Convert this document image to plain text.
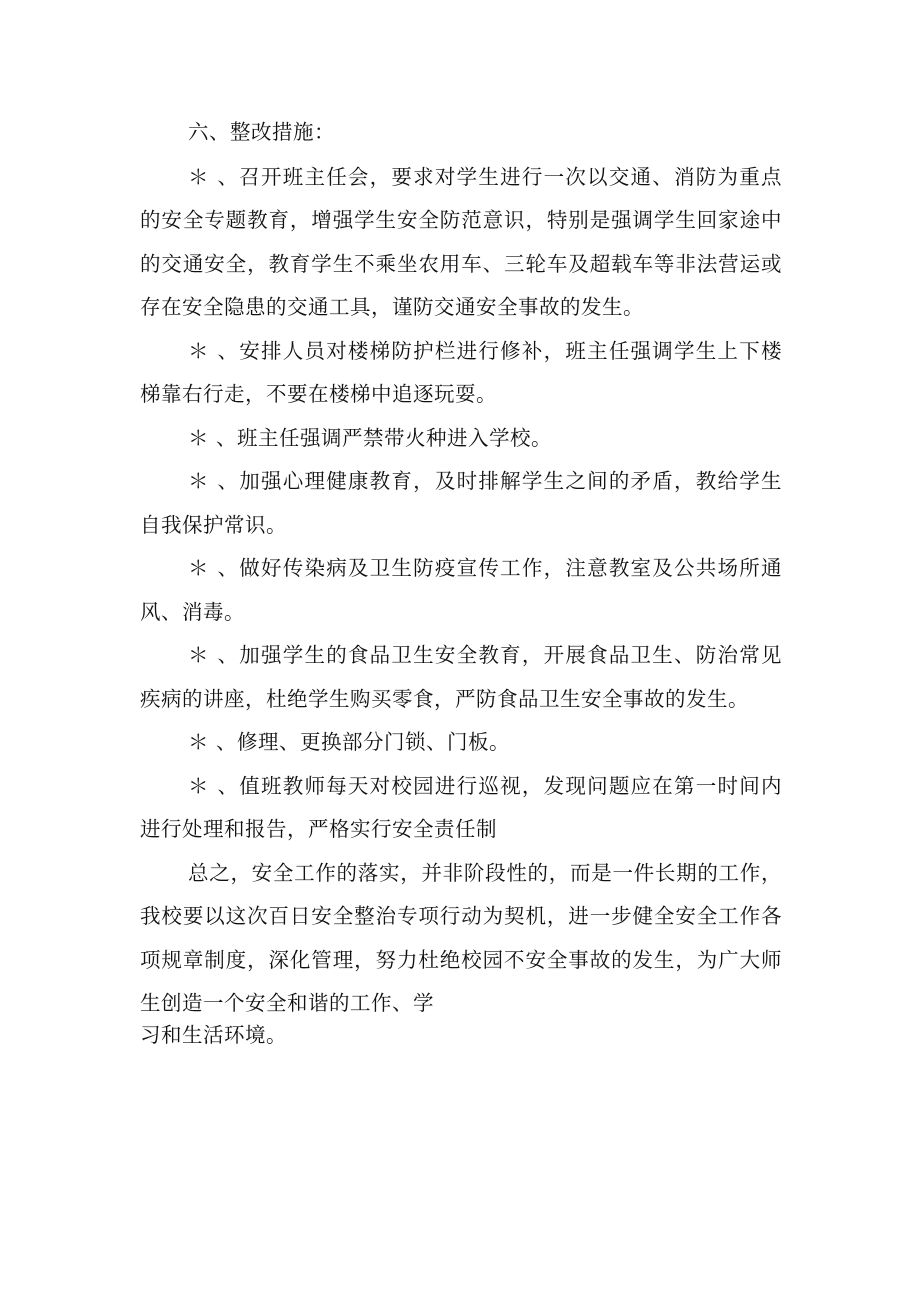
六、整改措施：
＊ 、召开班主任会，要求对学生进行一次以交通、消防为重点
的安全专题教育，增强学生安全防范意识，特别是强调学生回家途中
的交通安全，教育学生不乘坐农用车、三轮车及超载车等非法营运或
存在安全隐患的交通工具，谨防交通安全事故的发生。
＊ 、安排人员对楼梯防护栏进行修补，班主任强调学生上下楼
梯靠右行走，不要在楼梯中追逐玩耍。
＊ 、班主任强调严禁带火种进入学校。
＊ 、加强心理健康教育，及时排解学生之间的矛盾，教给学生
自我保护常识。
＊ 、做好传染病及卫生防疫宣传工作，注意教室及公共场所通
风、消毒。
＊ 、加强学生的食品卫生安全教育，开展食品卫生、防治常见
疾病的讲座，杜绝学生购买零食，严防食品卫生安全事故的发生。
＊ 、修理、更换部分门锁、门板。
＊ 、值班教师每天对校园进行巡视，发现问题应在第一时间内
进行处理和报告，严格实行安全责任制
总之，安全工作的落实，并非阶段性的，而是一件长期的工作，
我校要以这次百日安全整治专项行动为契机，进一步健全安全工作各
项规章制度，深化管理，努力杜绝校园不安全事故的发生，为广大师
生创造一个安全和谐的工作、学
习和生活环境。
